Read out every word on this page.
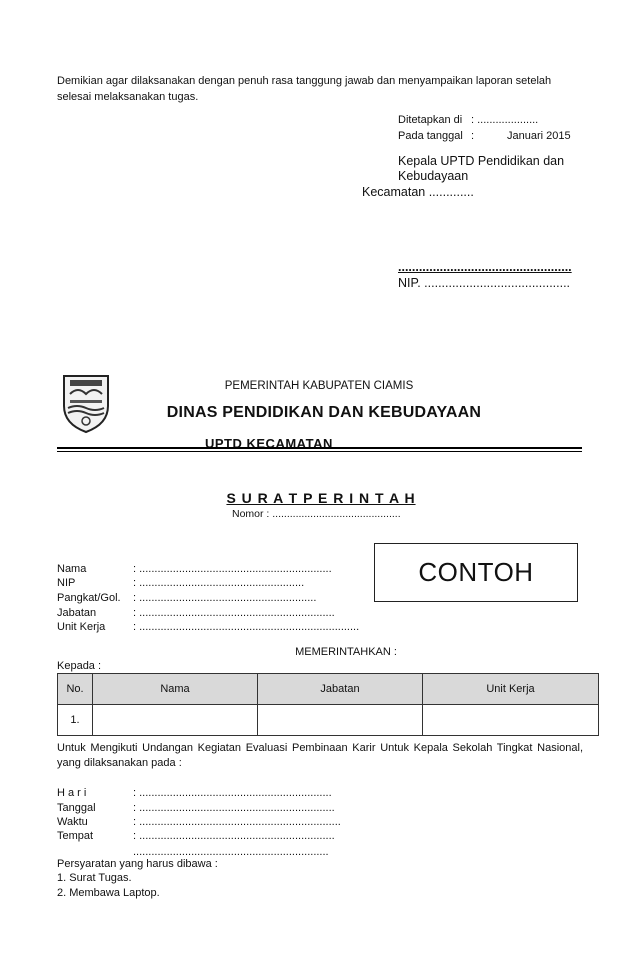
Demikian agar dilaksanakan dengan penuh rasa tanggung jawab dan menyampaikan laporan setelah selesai melaksanakan tugas.
Ditetapkan di : ....................
Pada tanggal :	Januari 2015
Kepala UPTD Pendidikan dan
Kebudayaan
Kecamatan .............
..................................................
NIP. ..........................................
PEMERINTAH KABUPATEN CIAMIS
DINAS PENDIDIKAN DAN KEBUDAYAAN
UPTD KECAMATAN
S U R A T P E R I N T A H
Nomor : ............................................
CONTOH
Nama	: ...............................................................
NIP	: ......................................................
Pangkat/Gol. : ..........................................................
Jabatan	: ................................................................
Unit Kerja	: ........................................................................
MEMERINTAHKAN :
Kepada :
No.	Nama	Jabatan	Unit Kerja
1.			
Untuk Mengikuti Undangan Kegiatan Evaluasi Pembinaan Karir Untuk Kepala Sekolah Tingkat Nasional, yang dilaksanakan pada :
H a r i	: ...............................................................
Tanggal	: ................................................................
Waktu	: ..................................................................
Tempat	: ................................................................
................................................................
Persyaratan yang harus dibawa :
1. Surat Tugas.
2. Membawa Laptop.
